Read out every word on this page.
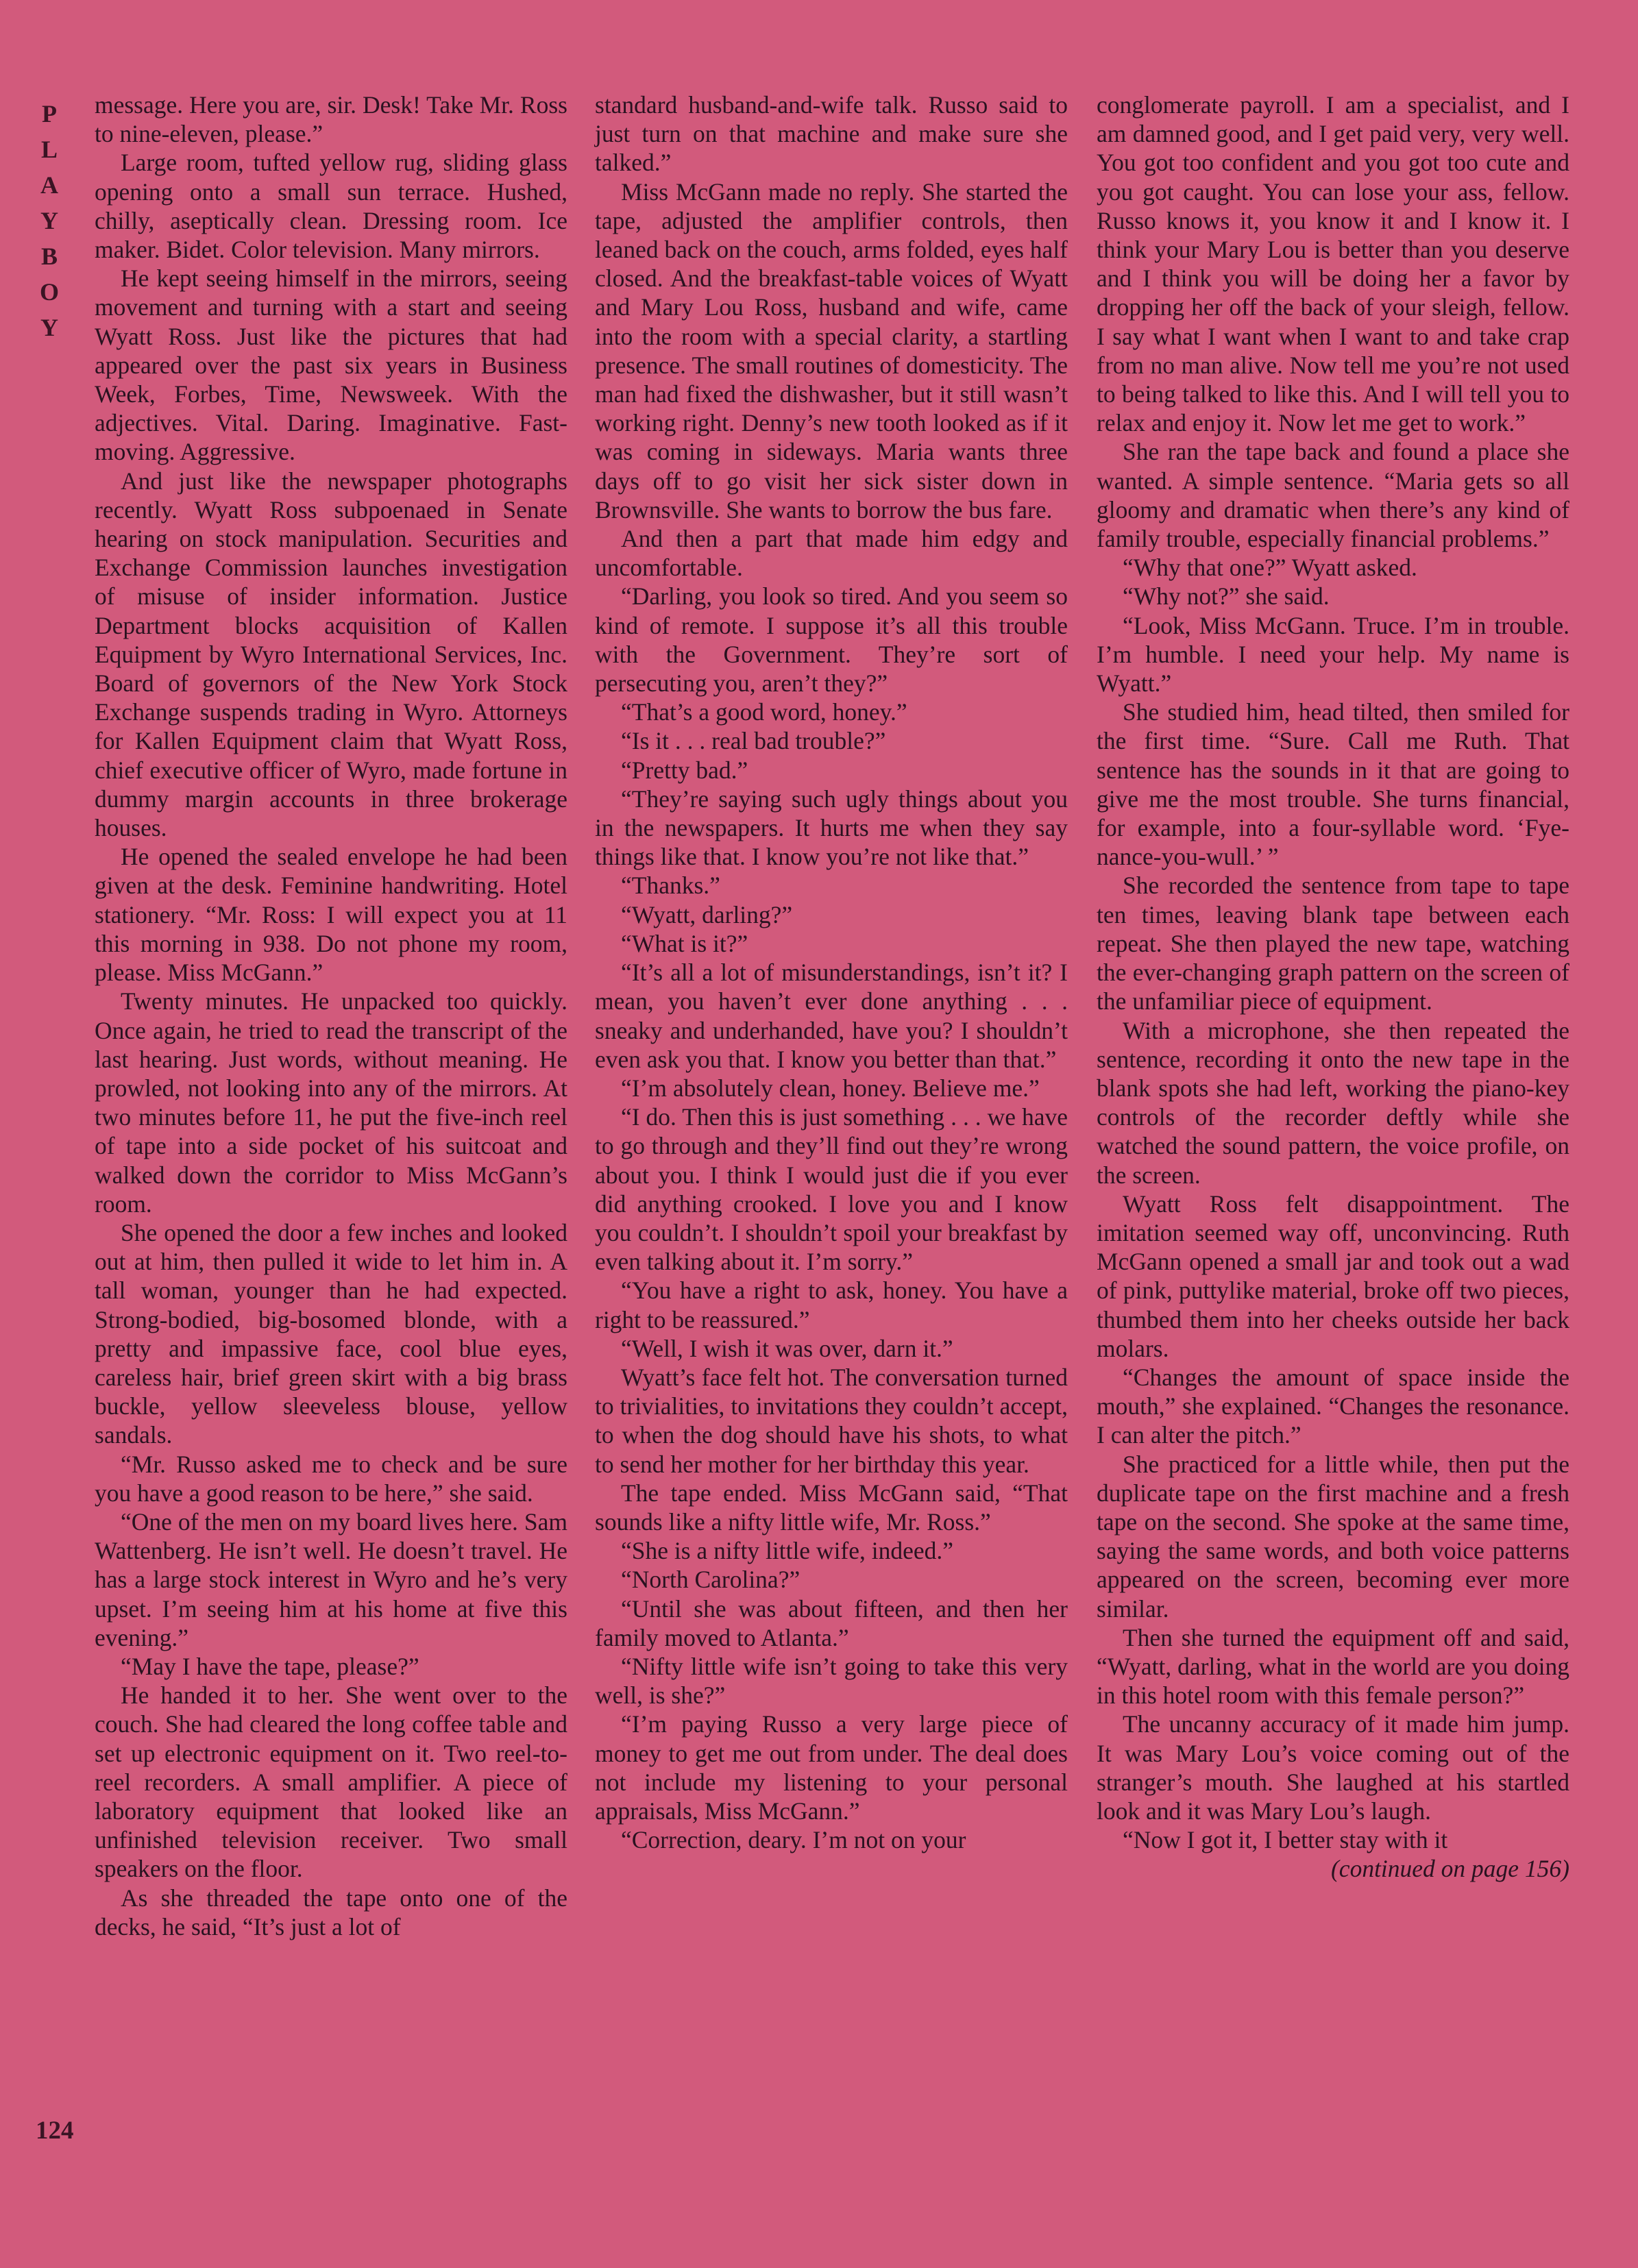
P
L
A
Y
B
O
Y
124

message. Here you are, sir. Desk! Take Mr. Ross to nine-eleven, please.”

Large room, tufted yellow rug, sliding glass opening onto a small sun terrace. Hushed, chilly, aseptically clean. Dressing room. Ice maker. Bidet. Color television. Many mirrors.

He kept seeing himself in the mirrors, seeing movement and turning with a start and seeing Wyatt Ross. Just like the pictures that had appeared over the past six years in Business Week, Forbes, Time, Newsweek. With the adjectives. Vital. Daring. Imaginative. Fast-moving. Aggressive.

And just like the newspaper photographs recently. Wyatt Ross subpoenaed in Senate hearing on stock manipulation. Securities and Exchange Commission launches investigation of misuse of insider information. Justice Department blocks acquisition of Kallen Equipment by Wyro International Services, Inc. Board of governors of the New York Stock Exchange suspends trading in Wyro. Attorneys for Kallen Equipment claim that Wyatt Ross, chief executive officer of Wyro, made fortune in dummy margin accounts in three brokerage houses.

He opened the sealed envelope he had been given at the desk. Feminine handwriting. Hotel stationery. “Mr. Ross: I will expect you at 11 this morning in 938. Do not phone my room, please. Miss McGann.”

Twenty minutes. He unpacked too quickly. Once again, he tried to read the transcript of the last hearing. Just words, without meaning. He prowled, not looking into any of the mirrors. At two minutes before 11, he put the five-inch reel of tape into a side pocket of his suitcoat and walked down the corridor to Miss McGann’s room.

She opened the door a few inches and looked out at him, then pulled it wide to let him in. A tall woman, younger than he had expected. Strong-bodied, big-bosomed blonde, with a pretty and impassive face, cool blue eyes, careless hair, brief green skirt with a big brass buckle, yellow sleeveless blouse, yellow sandals.

“Mr. Russo asked me to check and be sure you have a good reason to be here,” she said.

“One of the men on my board lives here. Sam Wattenberg. He isn’t well. He doesn’t travel. He has a large stock interest in Wyro and he’s very upset. I’m seeing him at his home at five this evening.”

“May I have the tape, please?”

He handed it to her. She went over to the couch. She had cleared the long coffee table and set up electronic equipment on it. Two reel-to-reel recorders. A small amplifier. A piece of laboratory equipment that looked like an unfinished television receiver. Two small speakers on the floor.

As she threaded the tape onto one of the decks, he said, “It’s just a lot of

standard husband-and-wife talk. Russo said to just turn on that machine and make sure she talked.”

Miss McGann made no reply. She started the tape, adjusted the amplifier controls, then leaned back on the couch, arms folded, eyes half closed. And the breakfast-table voices of Wyatt and Mary Lou Ross, husband and wife, came into the room with a special clarity, a startling presence. The small routines of domesticity. The man had fixed the dishwasher, but it still wasn’t working right. Denny’s new tooth looked as if it was coming in sideways. Maria wants three days off to go visit her sick sister down in Brownsville. She wants to borrow the bus fare.

And then a part that made him edgy and uncomfortable.

“Darling, you look so tired. And you seem so kind of remote. I suppose it’s all this trouble with the Government. They’re sort of persecuting you, aren’t they?”

“That’s a good word, honey.”

“Is it . . . real bad trouble?”

“Pretty bad.”

“They’re saying such ugly things about you in the newspapers. It hurts me when they say things like that. I know you’re not like that.”

“Thanks.”

“Wyatt, darling?”

“What is it?”

“It’s all a lot of misunderstandings, isn’t it? I mean, you haven’t ever done anything . . . sneaky and underhanded, have you? I shouldn’t even ask you that. I know you better than that.”

“I’m absolutely clean, honey. Believe me.”

“I do. Then this is just something . . . we have to go through and they’ll find out they’re wrong about you. I think I would just die if you ever did anything crooked. I love you and I know you couldn’t. I shouldn’t spoil your breakfast by even talking about it. I’m sorry.”

“You have a right to ask, honey. You have a right to be reassured.”

“Well, I wish it was over, darn it.”

Wyatt’s face felt hot. The conversation turned to trivialities, to invitations they couldn’t accept, to when the dog should have his shots, to what to send her mother for her birthday this year.

The tape ended. Miss McGann said, “That sounds like a nifty little wife, Mr. Ross.”

“She is a nifty little wife, indeed.”

“North Carolina?”

“Until she was about fifteen, and then her family moved to Atlanta.”

“Nifty little wife isn’t going to take this very well, is she?”

“I’m paying Russo a very large piece of money to get me out from under. The deal does not include my listening to your personal appraisals, Miss McGann.”

“Correction, deary. I’m not on your

conglomerate payroll. I am a specialist, and I am damned good, and I get paid very, very well. You got too confident and you got too cute and you got caught. You can lose your ass, fellow. Russo knows it, you know it and I know it. I think your Mary Lou is better than you deserve and I think you will be doing her a favor by dropping her off the back of your sleigh, fellow. I say what I want when I want to and take crap from no man alive. Now tell me you’re not used to being talked to like this. And I will tell you to relax and enjoy it. Now let me get to work.”

She ran the tape back and found a place she wanted. A simple sentence. “Maria gets so all gloomy and dramatic when there’s any kind of family trouble, especially financial problems.”

“Why that one?” Wyatt asked.

“Why not?” she said.

“Look, Miss McGann. Truce. I’m in trouble. I’m humble. I need your help. My name is Wyatt.”

She studied him, head tilted, then smiled for the first time. “Sure. Call me Ruth. That sentence has the sounds in it that are going to give me the most trouble. She turns financial, for example, into a four-syllable word. ‘Fye-nance-you-wull.’ ”

She recorded the sentence from tape to tape ten times, leaving blank tape between each repeat. She then played the new tape, watching the ever-changing graph pattern on the screen of the unfamiliar piece of equipment.

With a microphone, she then repeated the sentence, recording it onto the new tape in the blank spots she had left, working the piano-key controls of the recorder deftly while she watched the sound pattern, the voice profile, on the screen.

Wyatt Ross felt disappointment. The imitation seemed way off, unconvincing. Ruth McGann opened a small jar and took out a wad of pink, puttylike material, broke off two pieces, thumbed them into her cheeks outside her back molars.

“Changes the amount of space inside the mouth,” she explained. “Changes the resonance. I can alter the pitch.”

She practiced for a little while, then put the duplicate tape on the first machine and a fresh tape on the second. She spoke at the same time, saying the same words, and both voice patterns appeared on the screen, becoming ever more similar.

Then she turned the equipment off and said, “Wyatt, darling, what in the world are you doing in this hotel room with this female person?”

The uncanny accuracy of it made him jump. It was Mary Lou’s voice coming out of the stranger’s mouth. She laughed at his startled look and it was Mary Lou’s laugh.

“Now I got it, I better stay with it

(continued on page 156)
